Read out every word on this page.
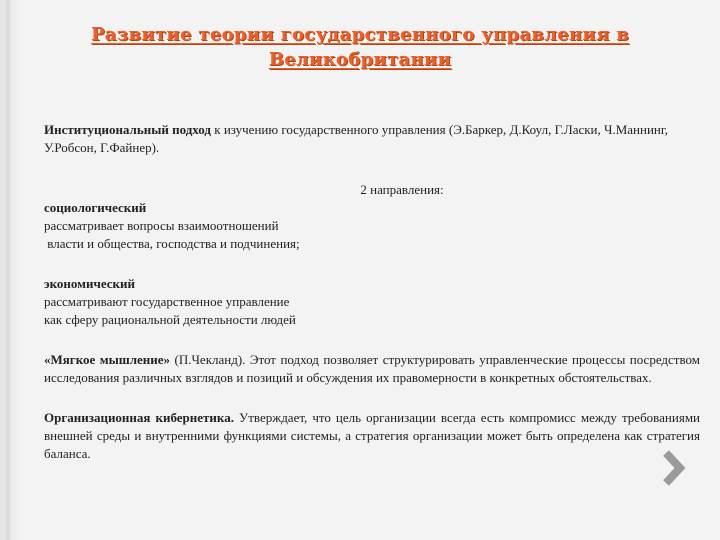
Развитие теории государственного управления в
Великобритании

Институциональный подход к изучению государственного управления (Э.Баркер, Д.Коул, Г.Ласки, Ч.Маннинг, У.Робсон, Г.Файнер).

2 направления:

социологический

рассматривает вопросы взаимоотношений

власти и общества, господства и подчинения;

экономический

рассматривают государственное управление

как сферу рациональной деятельности людей

«Мягкое мышление» (П.Чекланд). Этот подход позволяет структурировать управленческие процессы посредством исследования различных взглядов и позиций и обсуждения их правомерности в конкретных обстоятельствах.

Организационная кибернетика. Утверждает, что цель организации всегда есть компромисс между требованиями внешней среды и внутренними функциями системы, а стратегия организации может быть определена как стратегия баланса.
